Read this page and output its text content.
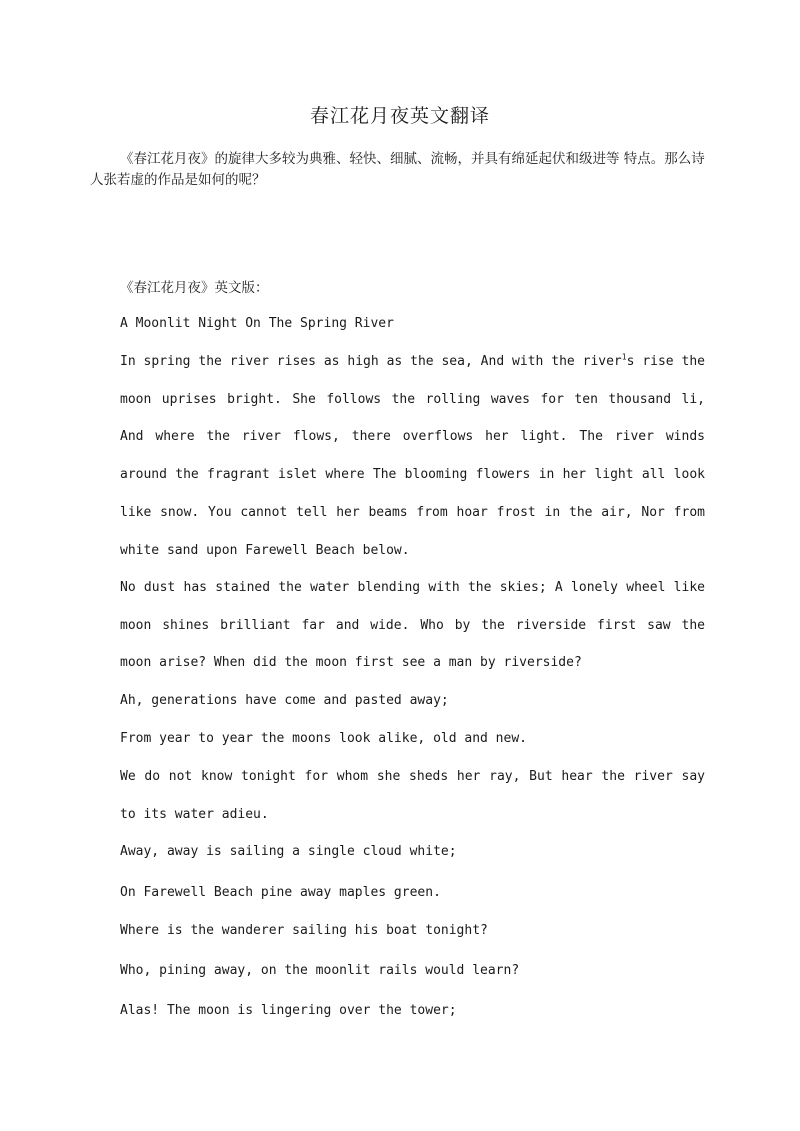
春江花月夜英文翻译

《春江花月夜》的旋律大多较为典雅、轻快、细腻、流畅，并具有绵延起伏和级进等 特点。那么诗人张若虚的作品是如何的呢？

《春江花月夜》英文版：

A Moonlit Night On The Spring River

In spring the river rises as high as the sea, And with the river$^1$s rise the moon uprises bright. She follows the rolling waves for ten thousand li, And where the river flows, there overflows her light. The river winds around the fragrant islet where The blooming flowers in her light all look like snow. You cannot tell her beams from hoar frost in the air, Nor from white sand upon Farewell Beach below.

No dust has stained the water blending with the skies; A lonely wheel like moon shines brilliant far and wide. Who by the riverside first saw the moon arise? When did the moon first see a man by riverside?

Ah, generations have come and pasted away;

From year to year the moons look alike, old and new.

We do not know tonight for whom she sheds her ray, But hear the river say to its water adieu.

Away, away is sailing a single cloud white;

On Farewell Beach pine away maples green.

Where is the wanderer sailing his boat tonight?

Who, pining away, on the moonlit rails would learn?

Alas! The moon is lingering over the tower;
